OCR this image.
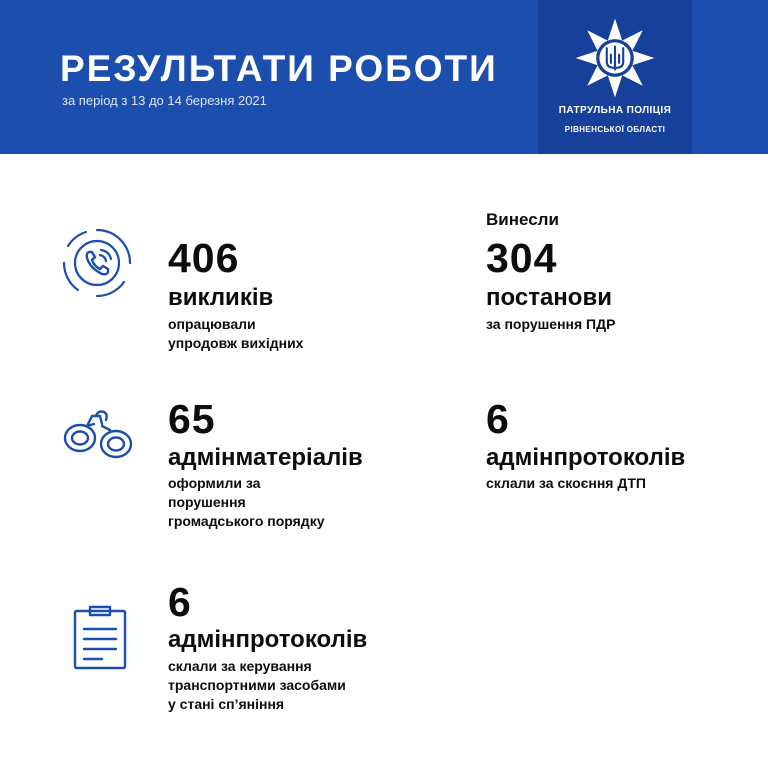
РЕЗУЛЬТАТИ РОБОТИ
за період з 13 до 14 березня 2021
ПАТРУЛЬНА ПОЛІЦІЯ
РІВНЕНСЬКОЇ ОБЛАСТІ
406
викликів
опрацювали
упродовж вихідних
Винесли
304
постанови
за порушення ПДР
65
адмінматеріалів
оформили за
порушення
громадського порядку
6
адмінпротоколів
склали за скоєння ДТП
6
адмінпротоколів
склали за керування
транспортними засобами
у стані сп’яніння
